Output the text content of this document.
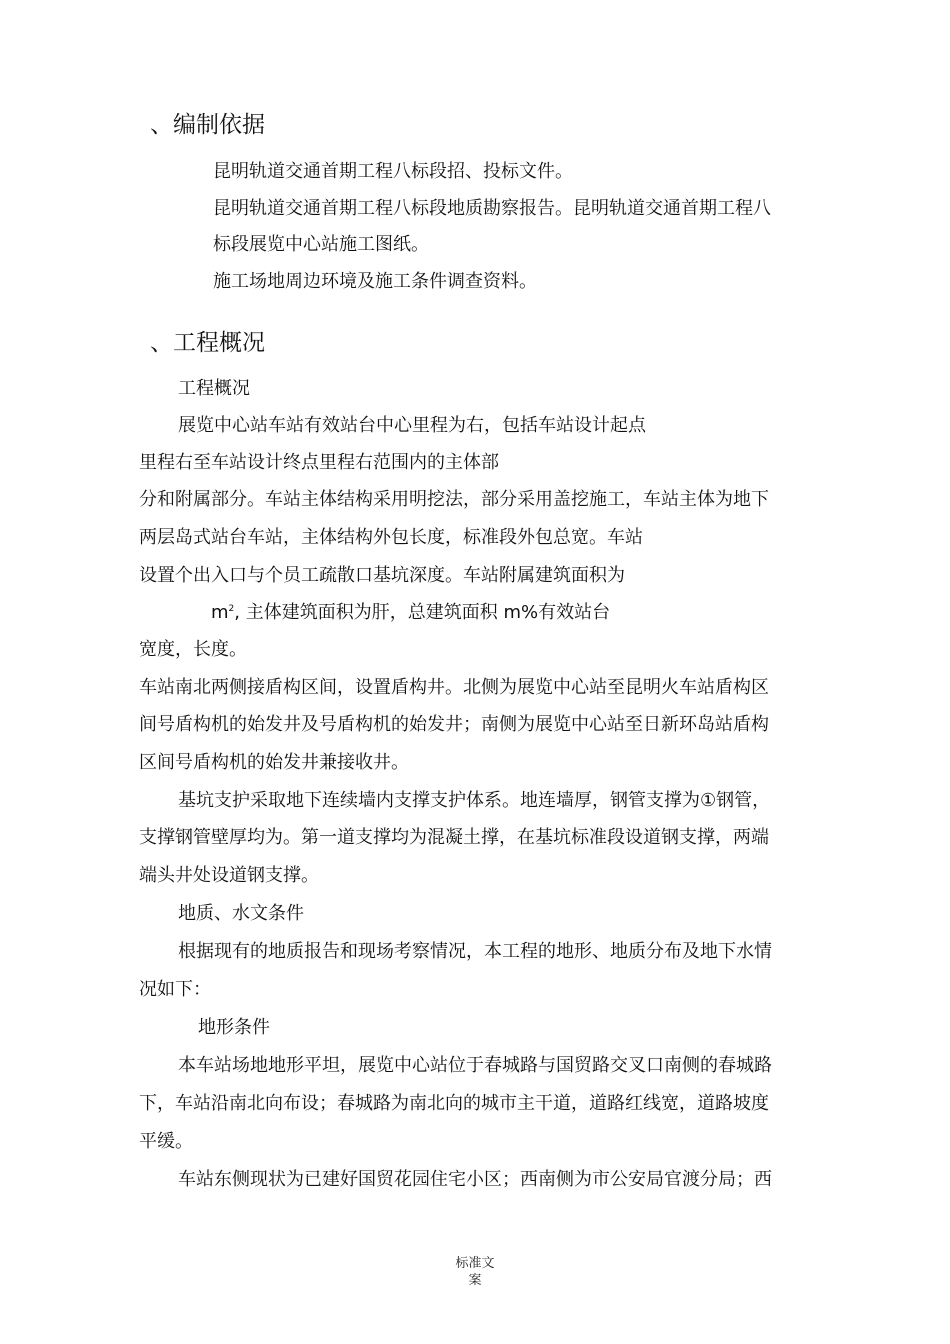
、编制依据
昆明轨道交通首期工程八标段招、投标文件。
昆明轨道交通首期工程八标段地质勘察报告。昆明轨道交通首期工程八
标段展览中心站施工图纸。
施工场地周边环境及施工条件调查资料。
、工程概况
工程概况
展览中心站车站有效站台中心里程为右，包括车站设计起点
里程右至车站设计终点里程右范围内的主体部
分和附属部分。车站主体结构采用明挖法，部分采用盖挖施工，车站主体为地下
两层岛式站台车站，主体结构外包长度，标准段外包总宽。车站
设置个出入口与个员工疏散口基坑深度。车站附属建筑面积为
$m^2$, 主体建筑面积为肝，总建筑面积 m%有效站台
宽度，长度。
车站南北两侧接盾构区间，设置盾构井。北侧为展览中心站至昆明火车站盾构区
间号盾构机的始发井及号盾构机的始发井；南侧为展览中心站至日新环岛站盾构
区间号盾构机的始发井兼接收井。
基坑支护采取地下连续墙内支撑支护体系。地连墙厚，钢管支撑为①钢管，
支撑钢管壁厚均为。第一道支撑均为混凝土撑，在基坑标准段设道钢支撑，两端
端头井处设道钢支撑。
地质、水文条件
根据现有的地质报告和现场考察情况，本工程的地形、地质分布及地下水情
况如下：
地形条件
本车站场地地形平坦，展览中心站位于春城路与国贸路交叉口南侧的春城路
下，车站沿南北向布设；春城路为南北向的城市主干道，道路红线宽，道路坡度
平缓。
车站东侧现状为已建好国贸花园住宅小区；西南侧为市公安局官渡分局；西
标准文
案
